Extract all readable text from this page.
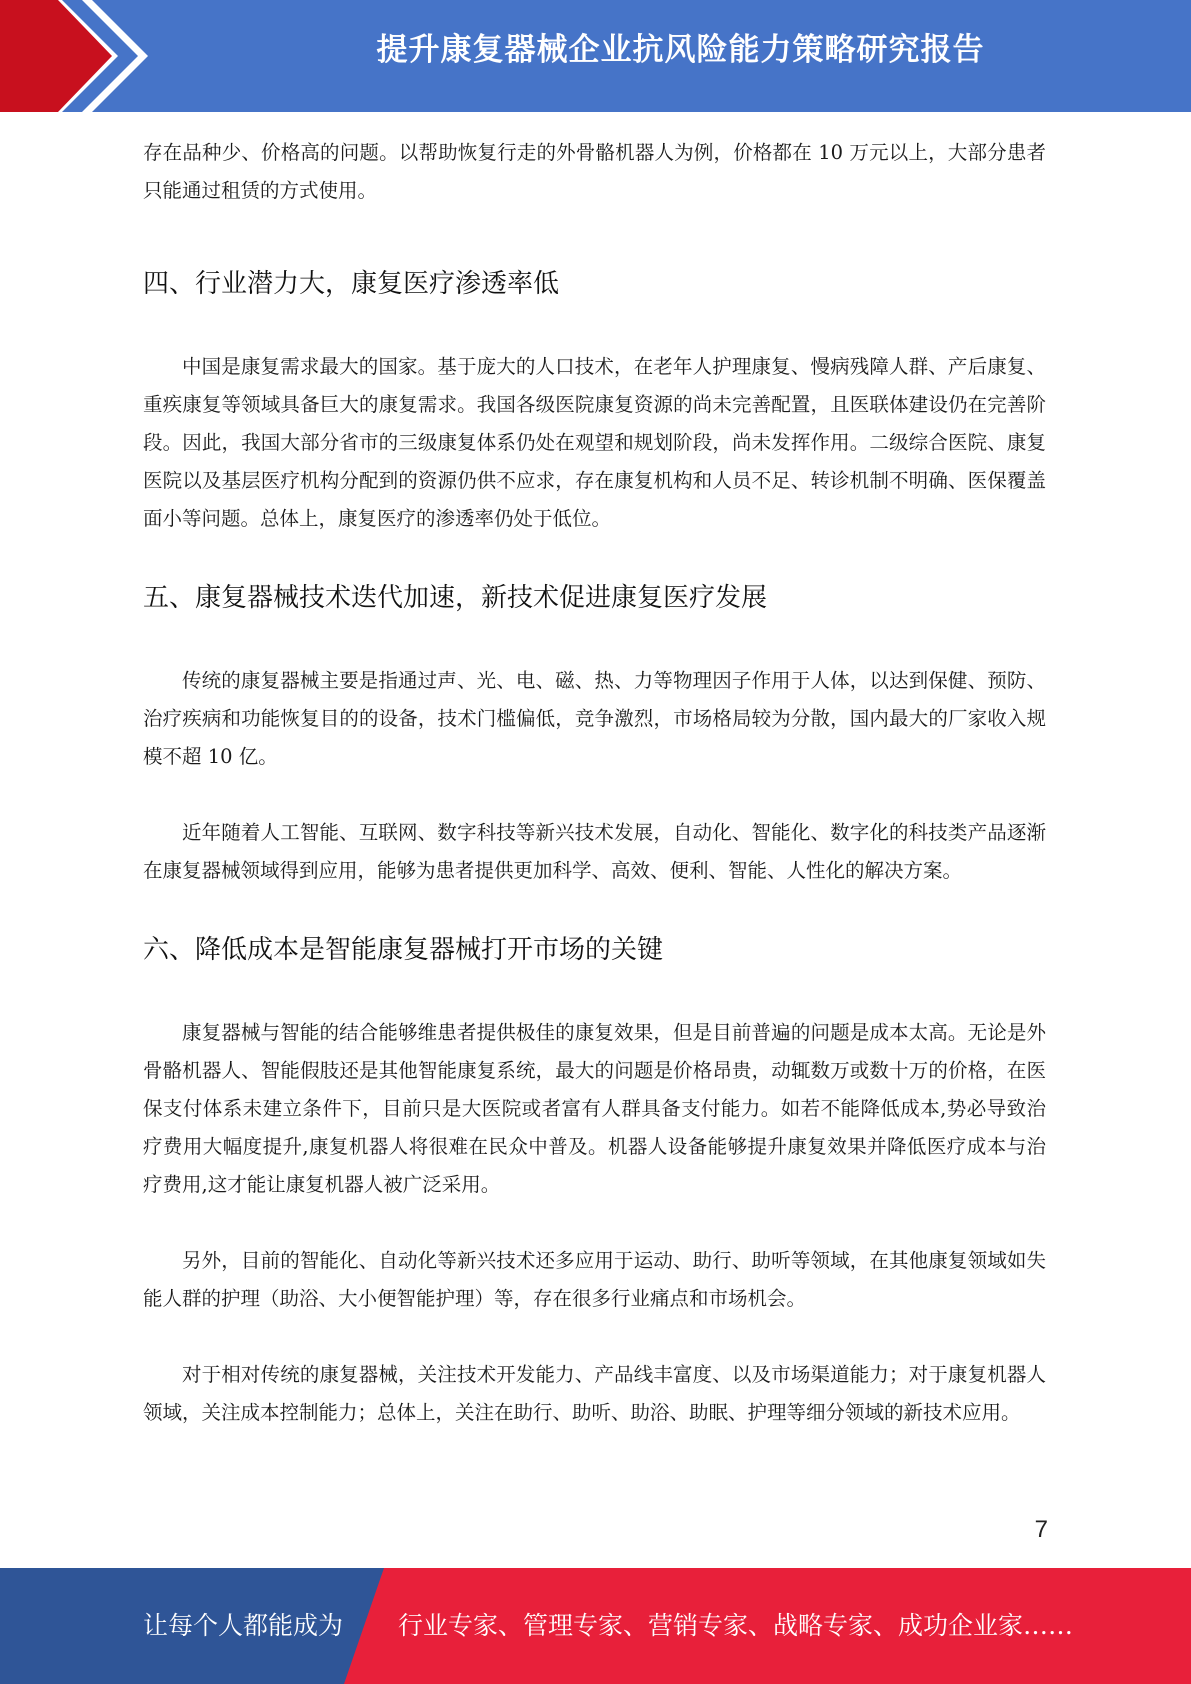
提升康复器械企业抗风险能力策略研究报告

存在品种少、价格高的问题。以帮助恢复行走的外骨骼机器人为例，价格都在 10 万元以上，大部分患者只能通过租赁的方式使用。

四、行业潜力大，康复医疗渗透率低

中国是康复需求最大的国家。基于庞大的人口技术，在老年人护理康复、慢病残障人群、产后康复、重疾康复等领域具备巨大的康复需求。我国各级医院康复资源的尚未完善配置，且医联体建设仍在完善阶段。因此，我国大部分省市的三级康复体系仍处在观望和规划阶段，尚未发挥作用。二级综合医院、康复医院以及基层医疗机构分配到的资源仍供不应求，存在康复机构和人员不足、转诊机制不明确、医保覆盖面小等问题。总体上，康复医疗的渗透率仍处于低位。

五、康复器械技术迭代加速，新技术促进康复医疗发展

传统的康复器械主要是指通过声、光、电、磁、热、力等物理因子作用于人体，以达到保健、预防、治疗疾病和功能恢复目的的设备，技术门槛偏低，竞争激烈，市场格局较为分散，国内最大的厂家收入规模不超 10 亿。

近年随着人工智能、互联网、数字科技等新兴技术发展，自动化、智能化、数字化的科技类产品逐渐在康复器械领域得到应用，能够为患者提供更加科学、高效、便利、智能、人性化的解决方案。

六、降低成本是智能康复器械打开市场的关键

康复器械与智能的结合能够维患者提供极佳的康复效果，但是目前普遍的问题是成本太高。无论是外骨骼机器人、智能假肢还是其他智能康复系统，最大的问题是价格昂贵，动辄数万或数十万的价格，在医保支付体系未建立条件下，目前只是大医院或者富有人群具备支付能力。如若不能降低成本,势必导致治疗费用大幅度提升,康复机器人将很难在民众中普及。机器人设备能够提升康复效果并降低医疗成本与治疗费用,这才能让康复机器人被广泛采用。

另外，目前的智能化、自动化等新兴技术还多应用于运动、助行、助听等领域，在其他康复领域如失能人群的护理（助浴、大小便智能护理）等，存在很多行业痛点和市场机会。

对于相对传统的康复器械，关注技术开发能力、产品线丰富度、以及市场渠道能力；对于康复机器人领域，关注成本控制能力；总体上，关注在助行、助听、助浴、助眠、护理等细分领域的新技术应用。

7
让每个人都能成为 行业专家、管理专家、营销专家、战略专家、成功企业家……
